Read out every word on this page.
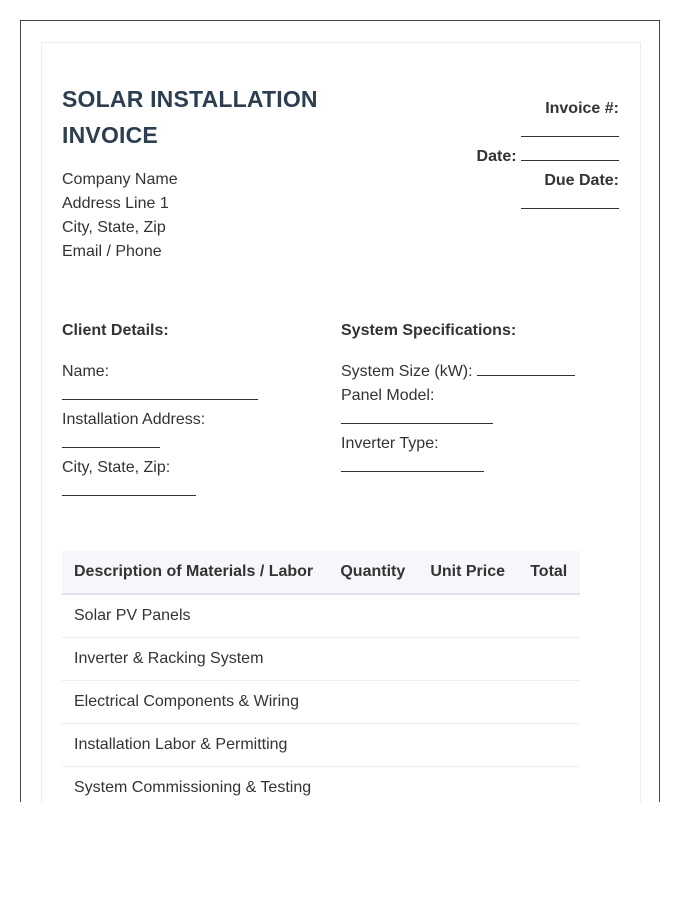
SOLAR INSTALLATION
INVOICE
Company Name
Address Line 1
City, State, Zip
Email / Phone
Invoice #:
Date:
Due Date:
Client Details:	System Specifications:
Name:
Installation Address:
City, State, Zip:
System Size (kW):
Panel Model:
Inverter Type:
Description of Materials / Labor	Quantity	Unit Price	Total
Solar PV Panels			
Inverter & Racking System			
Electrical Components & Wiring			
Installation Labor & Permitting			
System Commissioning & Testing			
